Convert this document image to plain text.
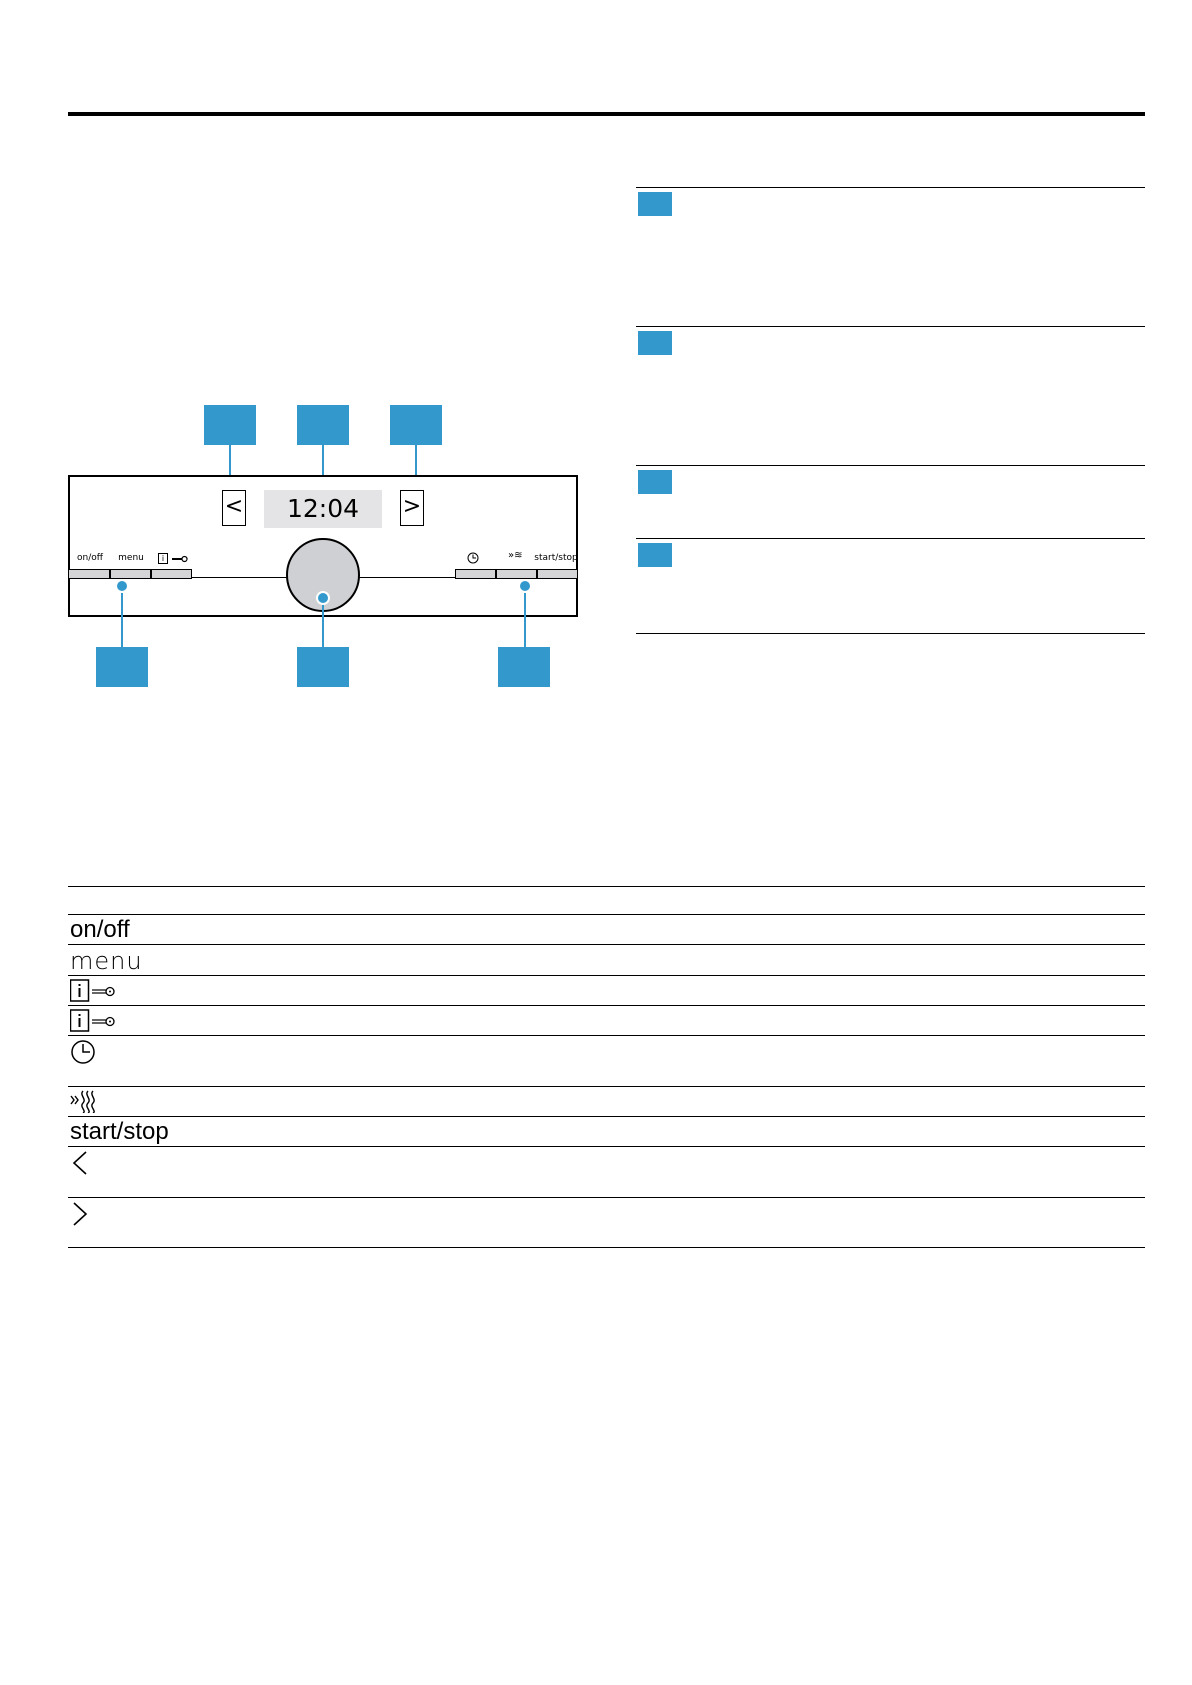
12:04
<	>
on/off	menu	i	»≋ start/stop
on/off
menu
start/stop
